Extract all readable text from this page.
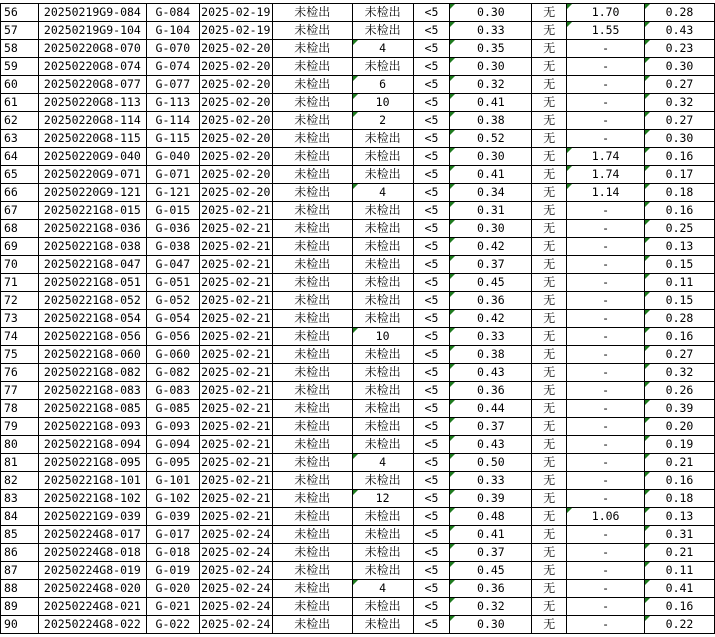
56	20250219G9-084	G-084	2025-02-19	未检出	未检出	<5	0.30	无	1.70	0.28
57	20250219G9-104	G-104	2025-02-19	未检出	未检出	<5	0.33	无	1.55	0.43
58	20250220G8-070	G-070	2025-02-20	未检出	4	<5	0.35	无	-	0.23
59	20250220G8-074	G-074	2025-02-20	未检出	未检出	<5	0.30	无	-	0.30
60	20250220G8-077	G-077	2025-02-20	未检出	6	<5	0.32	无	-	0.27
61	20250220G8-113	G-113	2025-02-20	未检出	10	<5	0.41	无	-	0.32
62	20250220G8-114	G-114	2025-02-20	未检出	2	<5	0.38	无	-	0.27
63	20250220G8-115	G-115	2025-02-20	未检出	未检出	<5	0.52	无	-	0.30
64	20250220G9-040	G-040	2025-02-20	未检出	未检出	<5	0.30	无	1.74	0.16
65	20250220G9-071	G-071	2025-02-20	未检出	未检出	<5	0.41	无	1.74	0.17
66	20250220G9-121	G-121	2025-02-20	未检出	4	<5	0.34	无	1.14	0.18
67	20250221G8-015	G-015	2025-02-21	未检出	未检出	<5	0.31	无	-	0.16
68	20250221G8-036	G-036	2025-02-21	未检出	未检出	<5	0.30	无	-	0.25
69	20250221G8-038	G-038	2025-02-21	未检出	未检出	<5	0.42	无	-	0.13
70	20250221G8-047	G-047	2025-02-21	未检出	未检出	<5	0.37	无	-	0.15
71	20250221G8-051	G-051	2025-02-21	未检出	未检出	<5	0.45	无	-	0.11
72	20250221G8-052	G-052	2025-02-21	未检出	未检出	<5	0.36	无	-	0.15
73	20250221G8-054	G-054	2025-02-21	未检出	未检出	<5	0.42	无	-	0.28
74	20250221G8-056	G-056	2025-02-21	未检出	10	<5	0.33	无	-	0.16
75	20250221G8-060	G-060	2025-02-21	未检出	未检出	<5	0.38	无	-	0.27
76	20250221G8-082	G-082	2025-02-21	未检出	未检出	<5	0.43	无	-	0.32
77	20250221G8-083	G-083	2025-02-21	未检出	未检出	<5	0.36	无	-	0.26
78	20250221G8-085	G-085	2025-02-21	未检出	未检出	<5	0.44	无	-	0.39
79	20250221G8-093	G-093	2025-02-21	未检出	未检出	<5	0.37	无	-	0.20
80	20250221G8-094	G-094	2025-02-21	未检出	未检出	<5	0.43	无	-	0.19
81	20250221G8-095	G-095	2025-02-21	未检出	4	<5	0.50	无	-	0.21
82	20250221G8-101	G-101	2025-02-21	未检出	未检出	<5	0.33	无	-	0.16
83	20250221G8-102	G-102	2025-02-21	未检出	12	<5	0.39	无	-	0.18
84	20250221G9-039	G-039	2025-02-21	未检出	未检出	<5	0.48	无	1.06	0.13
85	20250224G8-017	G-017	2025-02-24	未检出	未检出	<5	0.41	无	-	0.31
86	20250224G8-018	G-018	2025-02-24	未检出	未检出	<5	0.37	无	-	0.21
87	20250224G8-019	G-019	2025-02-24	未检出	未检出	<5	0.45	无	-	0.11
88	20250224G8-020	G-020	2025-02-24	未检出	4	<5	0.36	无	-	0.41
89	20250224G8-021	G-021	2025-02-24	未检出	未检出	<5	0.32	无	-	0.16
90	20250224G8-022	G-022	2025-02-24	未检出	未检出	<5	0.30	无	-	0.22
